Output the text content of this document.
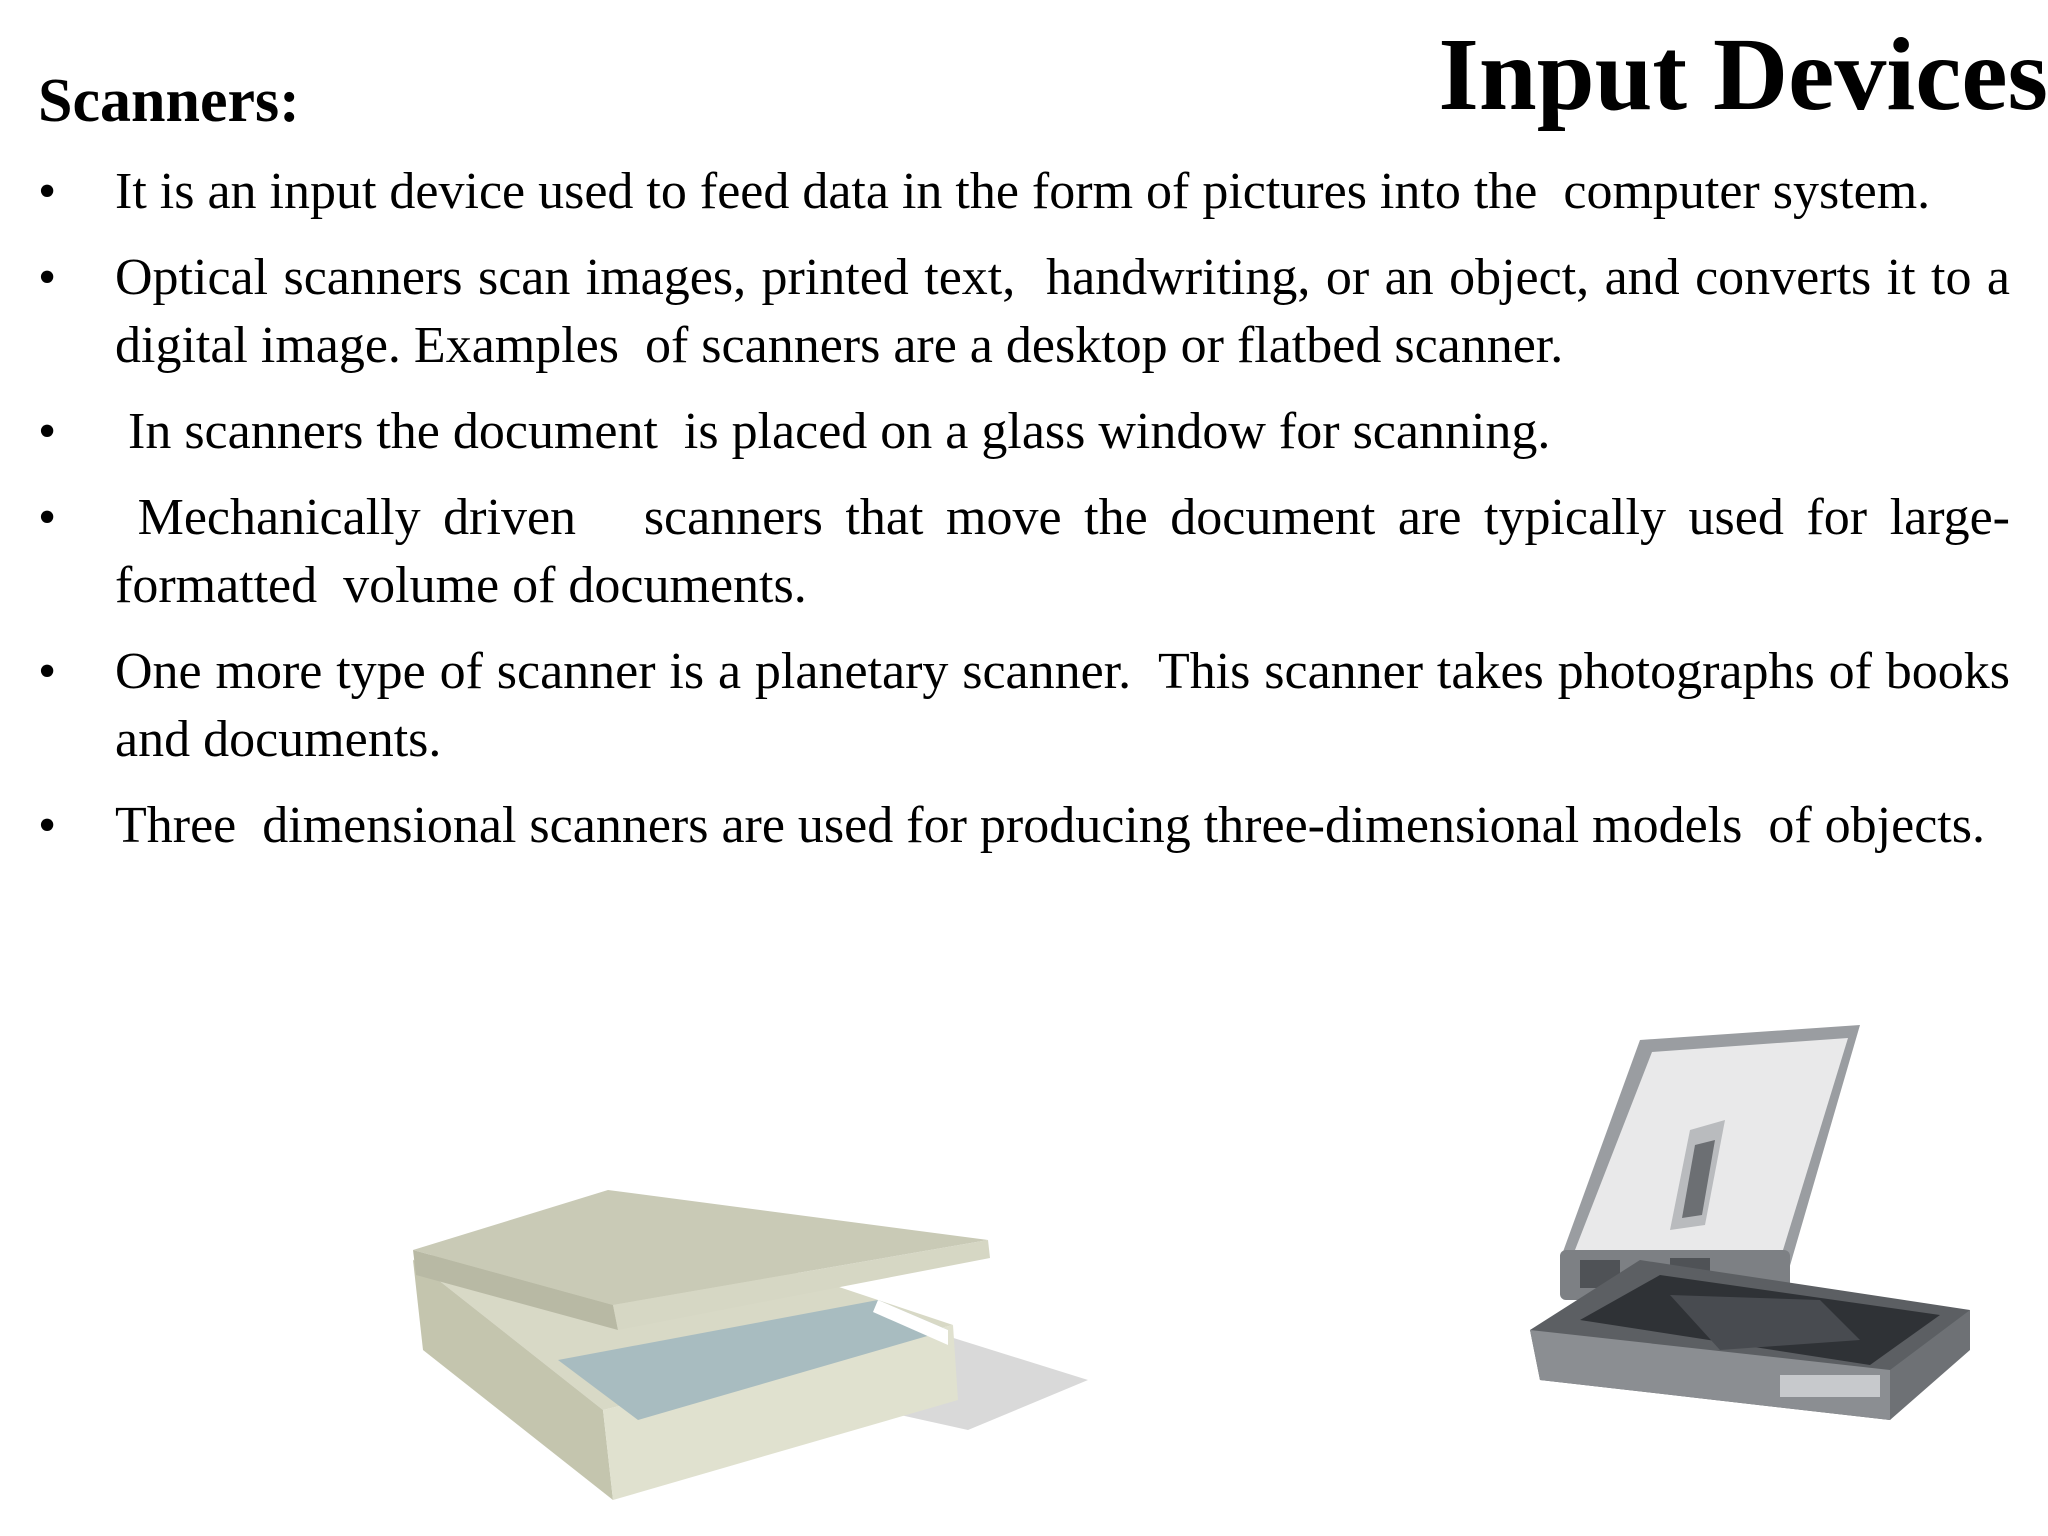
Input Devices
Scanners:
•	It is an input device used to feed data in the form of pictures into the  computer system.
•	Optical scanners scan images, printed text,  handwriting, or an object, and converts it to a digital image. Examples  of scanners are a desktop or flatbed scanner.
•	In scanners the document  is placed on a glass window for scanning.
•	Mechanically driven   scanners that move the document are typically used for large-formatted  volume of documents.
•	One more type of scanner is a planetary scanner.  This scanner takes photographs of books and documents.
•	Three  dimensional scanners are used for producing three-dimensional models  of objects.
